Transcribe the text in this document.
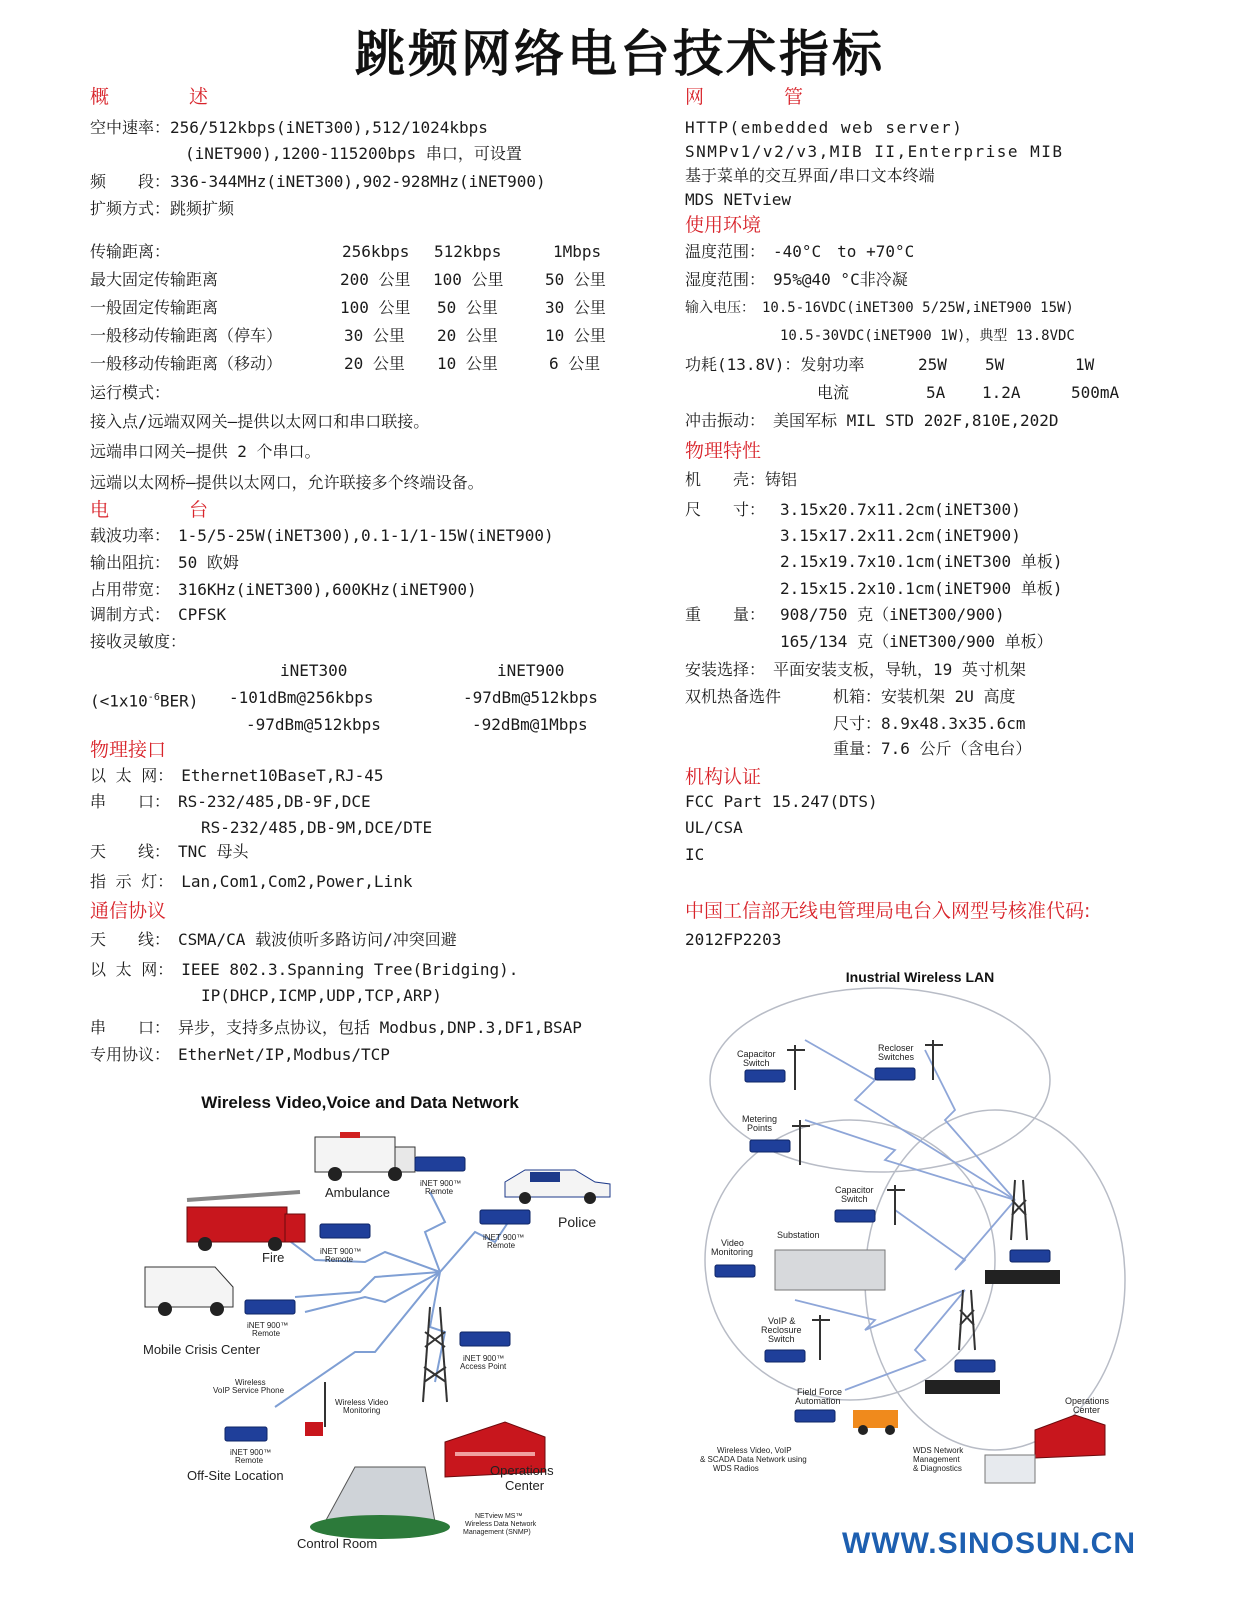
跳频网络电台技术指标
概　　述
空中速率：256/512kbps(iNET300),512/1024kbps
(iNET900),1200-115200bps 串口，可设置
频　　段：336-344MHz(iNET300),902-928MHz(iNET900)
扩频方式：跳频扩频
传输距离：	256kbps 512kbps	1Mbps
最大固定传输距离	200 公里 100 公里	50 公里
一般固定传输距离	100 公里 50 公里	30 公里
一般移动传输距离（停车）	30 公里 20 公里	10 公里
一般移动传输距离（移动）	20 公里 10 公里	6 公里
运行模式：
接入点/远端双网关—提供以太网口和串口联接。
远端串口网关—提供 2 个串口。
远端以太网桥—提供以太网口，允许联接多个终端设备。
电　　台
载波功率：　1-5/5-25W(iNET300),0.1-1/1-15W(iNET900)
输出阻抗：　50 欧姆
占用带宽：　316KHz(iNET300),600KHz(iNET900)
调制方式：　CPFSK
接收灵敏度：
iNET300	iNET900
$(<1x10^{-6}BER)$ -101dBm@256kbps	-97dBm@512kbps
-97dBm@512kbps	-92dBm@1Mbps
物理接口
以 太 网：　Ethernet10BaseT,RJ-45
串　　口：　RS-232/485,DB-9F,DCE
RS-232/485,DB-9M,DCE/DTE
天　　线：　TNC 母头
指 示 灯：　Lan,Com1,Com2,Power,Link
通信协议
天　　线：　CSMA/CA 载波侦听多路访问/冲突回避
以 太 网：　IEEE 802.3.Spanning Tree(Bridging).
IP(DHCP,ICMP,UDP,TCP,ARP)
串　　口：　异步，支持多点协议，包括 Modbus,DNP.3,DF1,BSAP
专用协议：　EtherNet/IP,Modbus/TCP
网　　管
HTTP(embedded web server)
SNMPv1/v2/v3,MIB II,Enterprise MIB
基于菜单的交互界面/串口文本终端
MDS NETview
使用环境
温度范围：　-40°C　to +70°C
湿度范围：　95%@40 °C非冷凝
输入电压：　10.5-16VDC(iNET300 5/25W,iNET900 15W)
10.5-30VDC(iNET900 1W)，典型 13.8VDC
功耗(13.8V)：发射功率	25W 5W	1W
电流	5A 1.2A	500mA
冲击振动：　美国军标 MIL STD 202F,810E,202D
物理特性
机　　壳：铸铝
尺　　寸： 3.15x20.7x11.2cm(iNET300)
3.15x17.2x11.2cm(iNET900)
2.15x19.7x10.1cm(iNET300 单板)
2.15x15.2x10.1cm(iNET900 单板)
重　　量： 908/750 克（iNET300/900)
165/134 克（iNET300/900 单板）
安装选择：　平面安装支板，导轨，19 英寸机架
双机热备选件	机箱：安装机架 2U 高度
尺寸：8.9x48.3x35.6cm
重量：7.6 公斤（含电台）
机构认证
FCC Part 15.247(DTS)
UL/CSA
IC
中国工信部无线电管理局电台入网型号核准代码:
2012FP2203
Wireless Video,Voice and Data Network
Ambulance
Police
Fire
Mobile Crisis Center
iNET 900™
Remote
iNET 900™
Remote
iNET 900™
Remote
iNET 900™
Remote
iNET 900™
Access Point
Wireless
VoIP Service Phone
Wireless Video
Monitoring
iNET 900™
Remote
Off-Site Location	Operations
Center
Control Room
NETview MS™
Wireless Data Network
Management (SNMP)
Inustrial Wireless LAN
Capacitor
Switch
Recloser
Switches
Metering
Points
Capacitor
Switch
Substation
Video
Monitoring
VoIP &
Reclosure
Switch
Field Force
Automation	Operations
Center
Wireless Video, VoIP
& SCADA Data Network using
WDS Radios
WDS Network
Management
& Diagnostics
WWW.SINOSUN.CN
